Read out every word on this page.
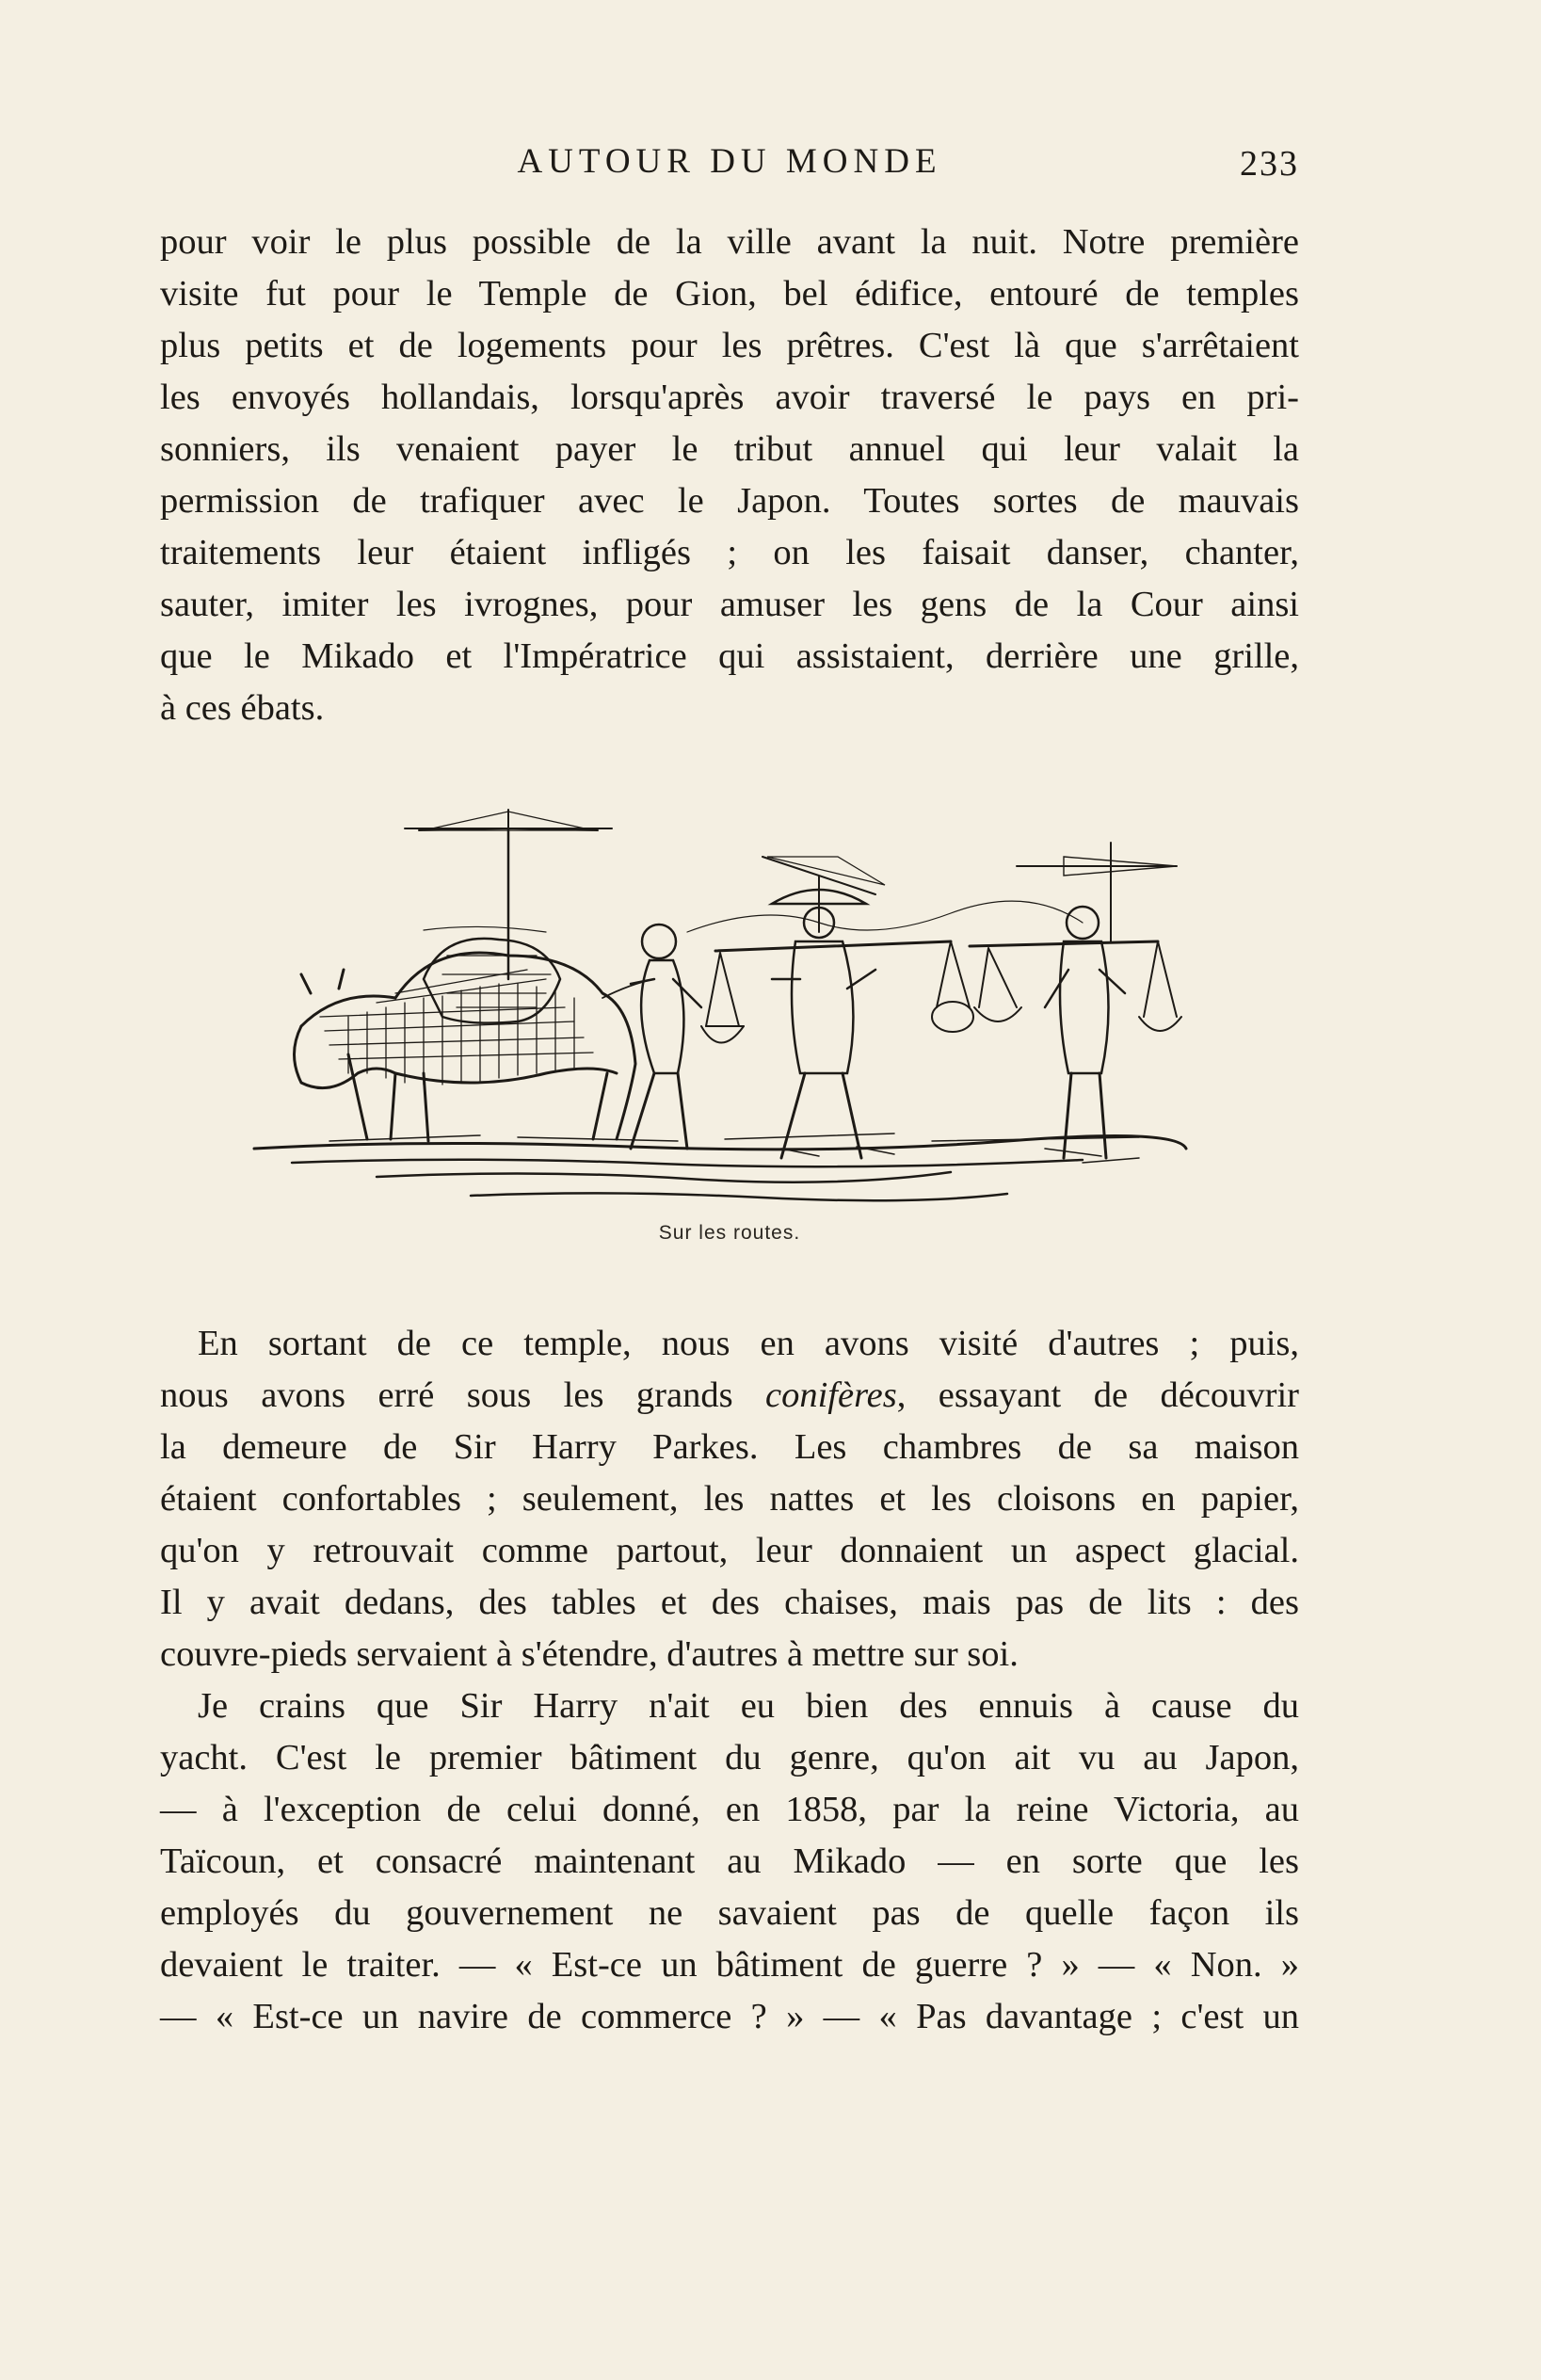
AUTOUR DU MONDE	233

pour voir le plus possible de la ville avant la nuit. Notre première
visite fut pour le Temple de Gion, bel édifice, entouré de temples
plus petits et de logements pour les prêtres. C'est là que s'arrêtaient
les envoyés hollandais, lorsqu'après avoir traversé le pays en pri-
sonniers, ils venaient payer le tribut annuel qui leur valait la
permission de trafiquer avec le Japon. Toutes sortes de mauvais
traitements leur étaient infligés ; on les faisait danser, chanter,
sauter, imiter les ivrognes, pour amuser les gens de la Cour ainsi
que le Mikado et l'Impératrice qui assistaient, derrière une grille,
à ces ébats.

Sur les routes.

En sortant de ce temple, nous en avons visité d'autres ; puis,
nous avons erré sous les grands conifères, essayant de découvrir
la demeure de Sir Harry Parkes. Les chambres de sa maison
étaient confortables ; seulement, les nattes et les cloisons en papier,
qu'on y retrouvait comme partout, leur donnaient un aspect glacial.
Il y avait dedans, des tables et des chaises, mais pas de lits : des
couvre-pieds servaient à s'étendre, d'autres à mettre sur soi.

Je crains que Sir Harry n'ait eu bien des ennuis à cause du
yacht. C'est le premier bâtiment du genre, qu'on ait vu au Japon,
— à l'exception de celui donné, en 1858, par la reine Victoria, au
Taïcoun, et consacré maintenant au Mikado — en sorte que les
employés du gouvernement ne savaient pas de quelle façon ils
devaient le traiter. — « Est-ce un bâtiment de guerre ? » — « Non. »
— « Est-ce un navire de commerce ? » — « Pas davantage ; c'est un
